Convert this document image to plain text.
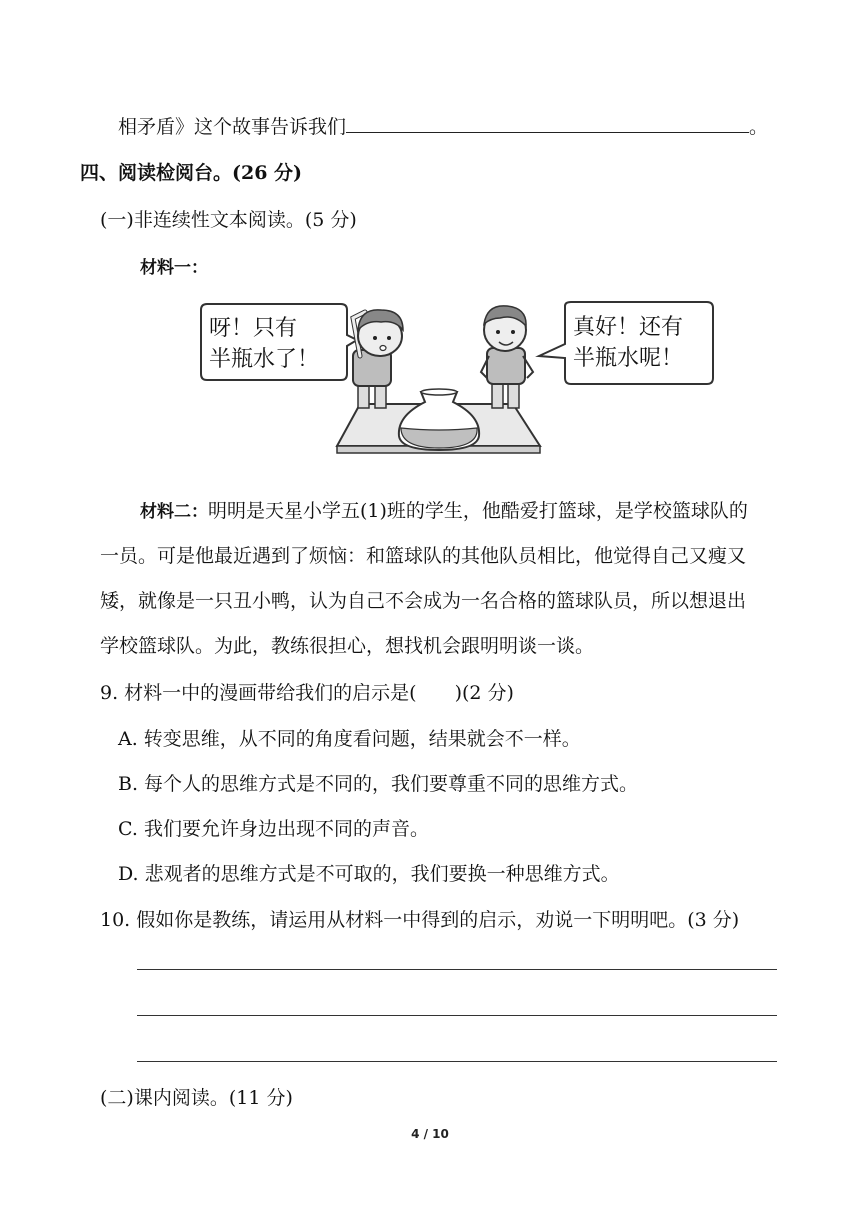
相矛盾》这个故事告诉我们	。
四、阅读检阅台。(26 分)
(一)非连续性文本阅读。(5 分)
材料一：
呀！只有
半瓶水了！
真好！还有
半瓶水呢！
材料二：明明是天星小学五(1)班的学生，他酷爱打篮球，是学校篮球队的
一员。可是他最近遇到了烦恼：和篮球队的其他队员相比，他觉得自己又瘦又
矮，就像是一只丑小鸭，认为自己不会成为一名合格的篮球队员，所以想退出
学校篮球队。为此，教练很担心，想找机会跟明明谈一谈。
9. 材料一中的漫画带给我们的启示是(　　)(2 分)
A. 转变思维，从不同的角度看问题，结果就会不一样。
B. 每个人的思维方式是不同的，我们要尊重不同的思维方式。
C. 我们要允许身边出现不同的声音。
D. 悲观者的思维方式是不可取的，我们要换一种思维方式。
10. 假如你是教练，请运用从材料一中得到的启示，劝说一下明明吧。(3 分)
(二)课内阅读。(11 分)
4 / 10
